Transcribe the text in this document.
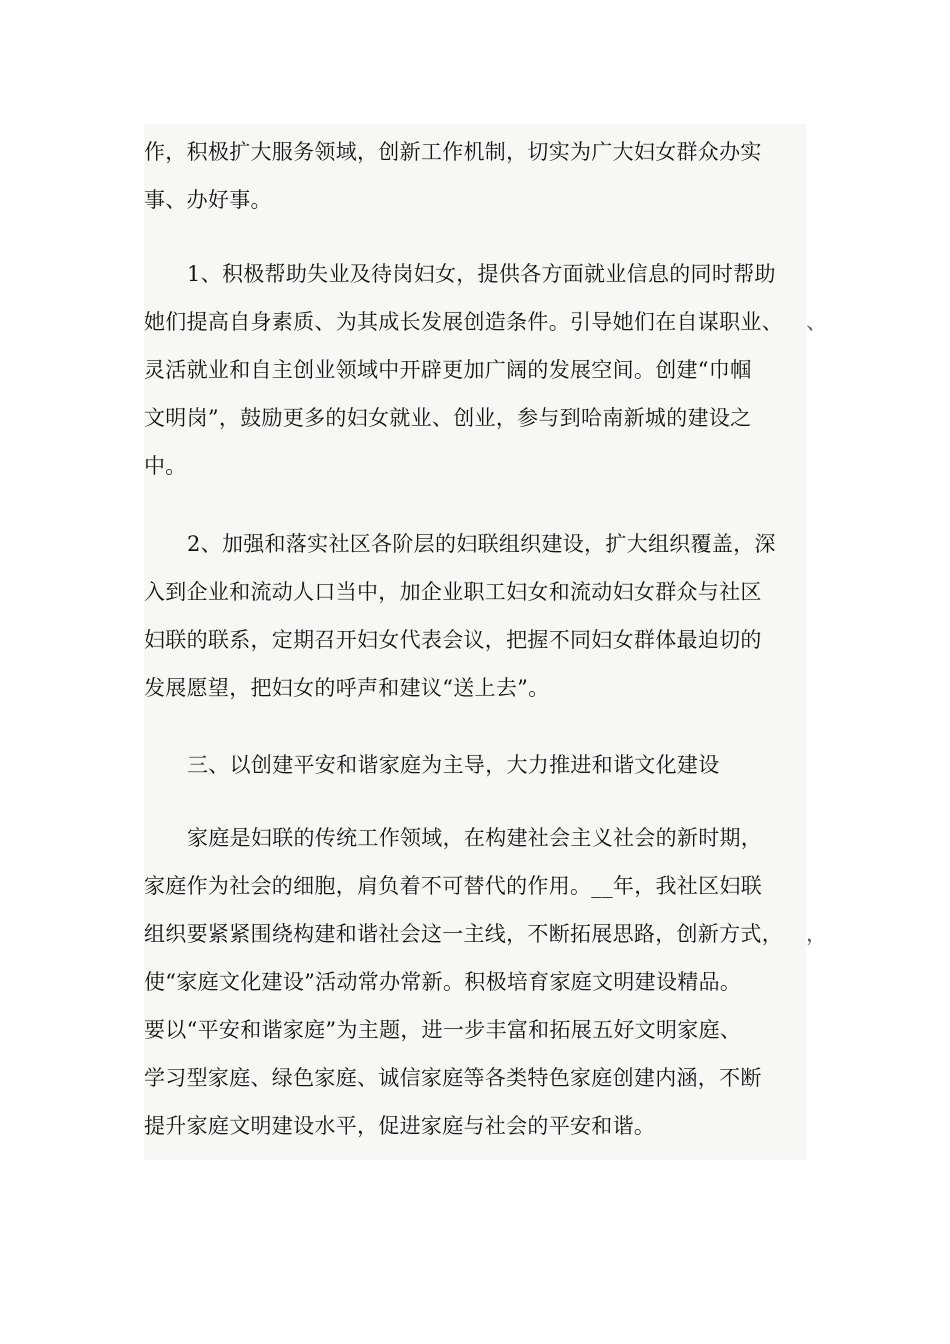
作，积极扩大服务领域，创新工作机制，切实为广大妇女群众办实
事、办好事。
1、积极帮助失业及待岗妇女，提供各方面就业信息的同时帮助
她们提高自身素质、为其成长发展创造条件。引导她们在自谋职业、
灵活就业和自主创业领域中开辟更加广阔的发展空间。创建“巾帼
文明岗”，鼓励更多的妇女就业、创业，参与到哈南新城的建设之
中。
2、加强和落实社区各阶层的妇联组织建设，扩大组织覆盖，深
入到企业和流动人口当中，加企业职工妇女和流动妇女群众与社区
妇联的联系，定期召开妇女代表会议，把握不同妇女群体最迫切的
发展愿望，把妇女的呼声和建议“送上去”。
三、以创建平安和谐家庭为主导，大力推进和谐文化建设
家庭是妇联的传统工作领域，在构建社会主义社会的新时期，
家庭作为社会的细胞，肩负着不可替代的作用。__年，我社区妇联
组织要紧紧围绕构建和谐社会这一主线，不断拓展思路，创新方式，
使“家庭文化建设”活动常办常新。积极培育家庭文明建设精品。
要以“平安和谐家庭”为主题，进一步丰富和拓展五好文明家庭、
学习型家庭、绿色家庭、诚信家庭等各类特色家庭创建内涵，不断
提升家庭文明建设水平，促进家庭与社会的平安和谐。
、
，
